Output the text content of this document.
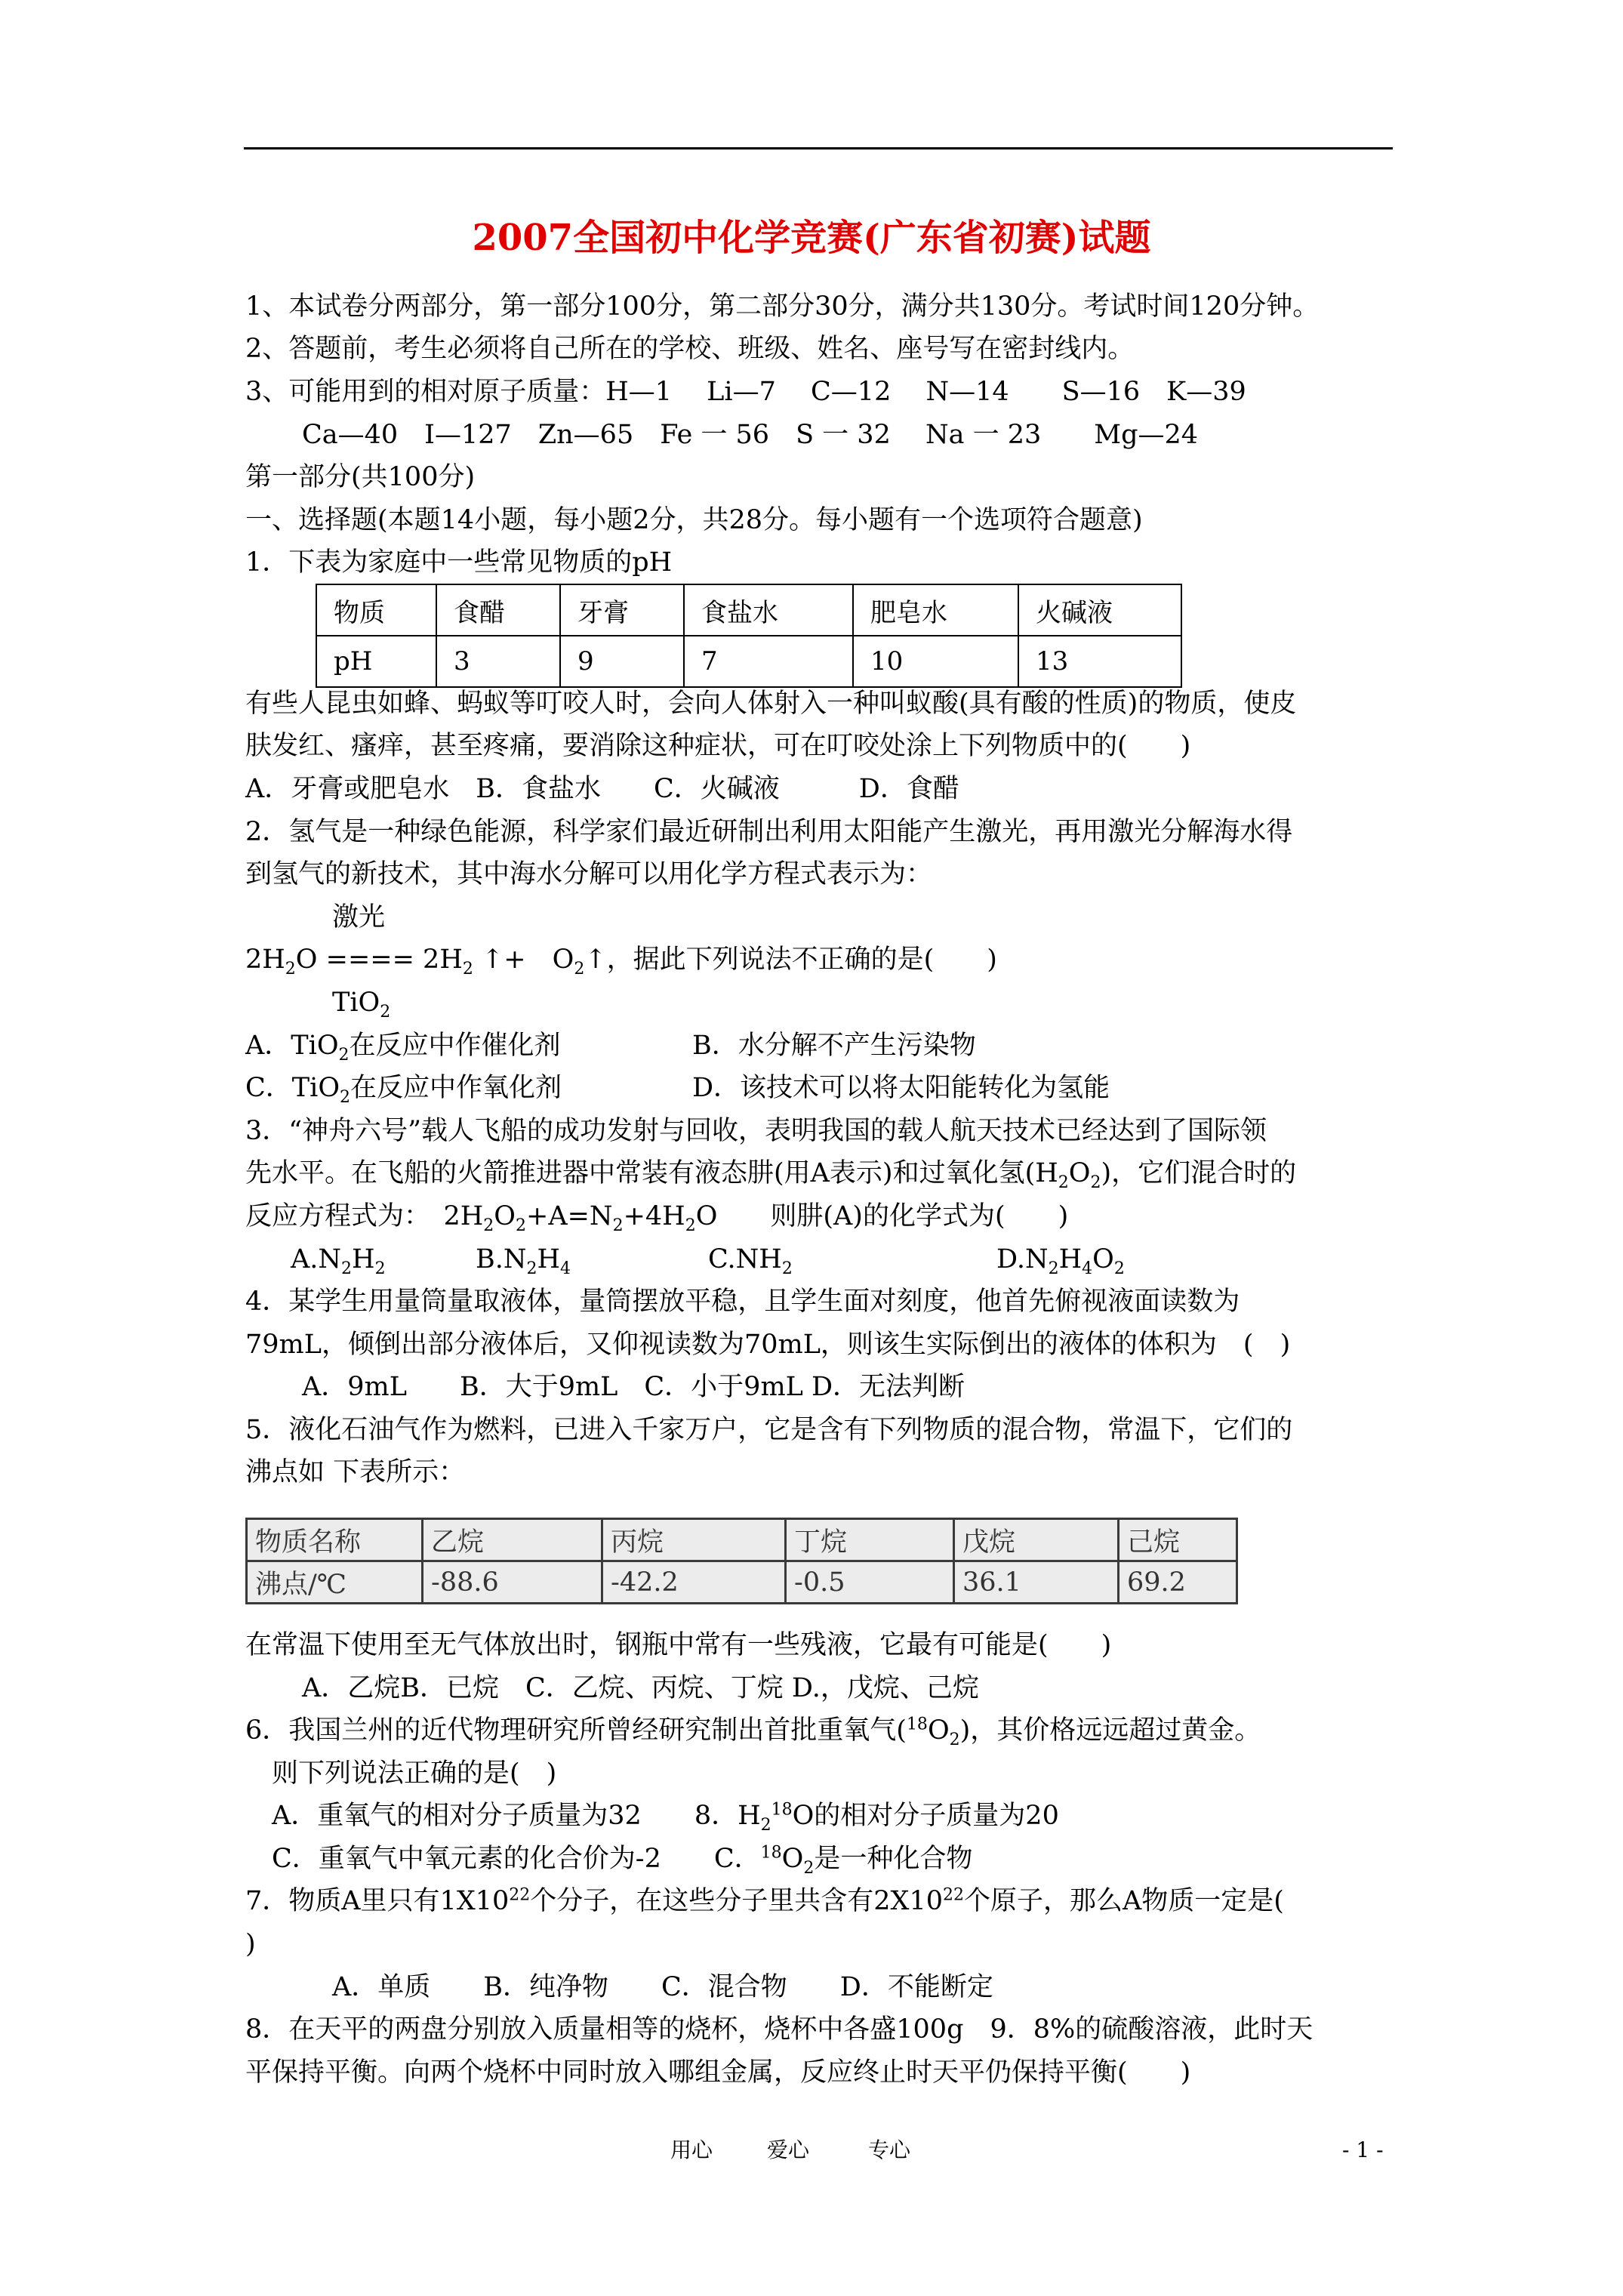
2007全国初中化学竞赛(广东省初赛)试题
1、本试卷分两部分，第一部分100分，第二部分30分，满分共130分。考试时间120分钟。
2、答题前，考生必须将自己所在的学校、班级、姓名、座号写在密封线内。
3、可能用到的相对原子质量：H—1　 Li—7　 C—12　 N—14　　S—16　K—39
Ca—40　I—127　Zn—65　Fe 一 56　S 一 32　 Na 一 23　　Mg—24
第一部分(共100分)
一、选择题(本题14小题，每小题2分，共28分。每小题有一个选项符合题意)
1．下表为家庭中一些常见物质的pH
物质	食醋	牙膏	食盐水	肥皂水	火碱液
pH	3	9	7	10	13
有些人昆虫如蜂、蚂蚁等叮咬人时，会向人体射入一种叫蚁酸(具有酸的性质)的物质，使皮
肤发红、瘙痒，甚至疼痛，要消除这种症状，可在叮咬处涂上下列物质中的(　　)
A．牙膏或肥皂水　B．食盐水　　C．火碱液　　　D．食醋
2．氢气是一种绿色能源，科学家们最近研制出利用太阳能产生激光，再用激光分解海水得
到氢气的新技术，其中海水分解可以用化学方程式表示为：
激光
$2H_2O$ ==== $2H_2$ ↑+　$O_2↑$，据此下列说法不正确的是(　　)
TiO$_2$
A．TiO$_2$在反应中作催化剂	B．水分解不产生污染物
C．TiO$_2$在反应中作氧化剂	D．该技术可以将太阳能转化为氢能
3．“神舟六号”载人飞船的成功发射与回收，表明我国的载人航天技术已经达到了国际领
先水平。在飞船的火箭推进器中常装有液态肼(用A表示)和过氧化氢$(H_2O_2)$，它们混合时的
反应方程式为：　$2H_2O_2+A=N_2+4H_2O$　　则肼(A)的化学式为(　　)
$A.N_2H_2$	$B.N_2H_4$	$C.NH_2$	$D.N_2H_4O_2$
4．某学生用量筒量取液体，量筒摆放平稳，且学生面对刻度，他首先俯视液面读数为
79mL，倾倒出部分液体后，又仰视读数为70mL，则该生实际倒出的液体的体积为　(　)
A．9mL　　B．大于9mL　C．小于9mL D．无法判断
5．液化石油气作为燃料，已进入千家万户，它是含有下列物质的混合物，常温下，它们的
沸点如 下表所示：
物质名称	乙烷	丙烷	丁烷	戊烷	己烷
沸点/℃	-88.6	-42.2	-0.5	36.1	69.2
在常温下使用至无气体放出时，钢瓶中常有一些残液，它最有可能是(　　)
A．乙烷B．已烷　C．乙烷、丙烷、丁烷 D.，戊烷、己烷
6．我国兰州的近代物理研究所曾经研究制出首批重氧气$(^{18}O_2)$，其价格远远超过黄金。
则下列说法正确的是(　)
A．重氧气的相对分子质量为32　　8．$H_2^{18}O$的相对分子质量为20
C．重氧气中氧元素的化合价为-2　　C．$^{18}O_2$是一种化合物
7．物质A里只有$1X10^{22}$个分子，在这些分子里共含有$2X10^{22}$个原子，那么A物质一定是(
)
A．单质　　B．纯净物　　C．混合物　　D．不能断定
8．在天平的两盘分别放入质量相等的烧杯，烧杯中各盛100g　9．8%的硫酸溶液，此时天
平保持平衡。向两个烧杯中同时放入哪组金属，反应终止时天平仍保持平衡(　　)
用心	爱心	专心	- 1 -
